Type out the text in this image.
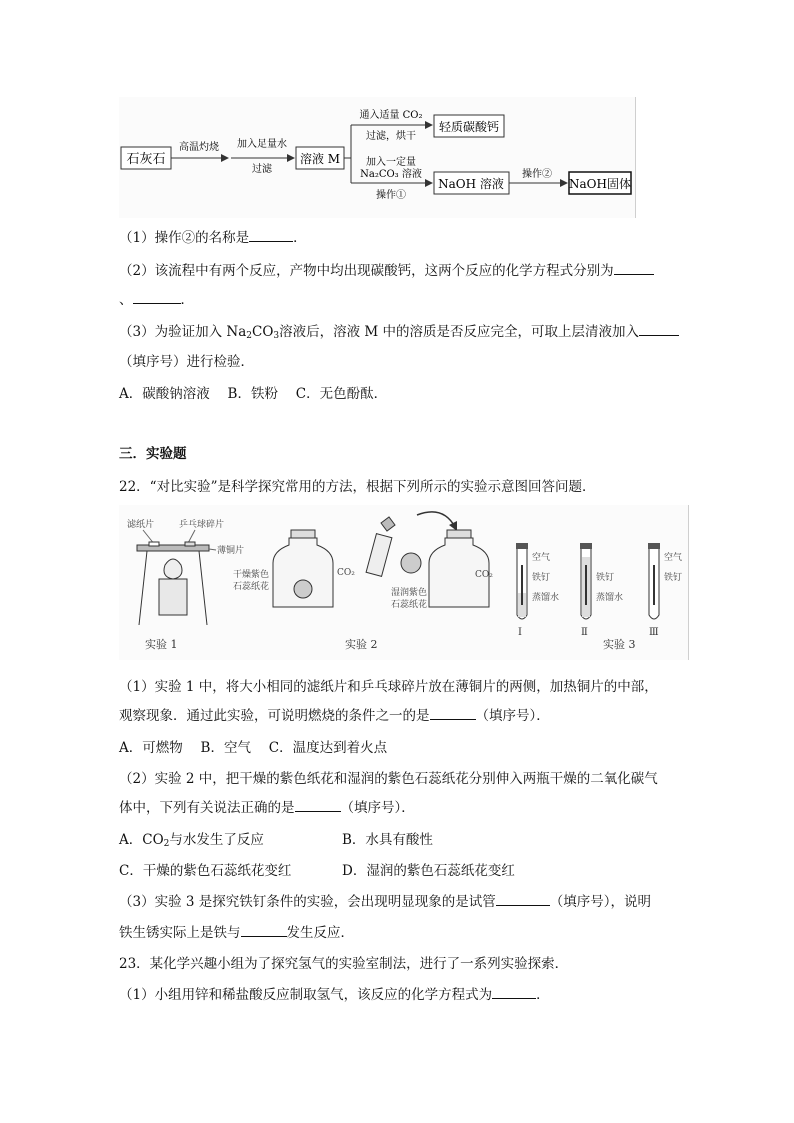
石灰石
高温灼烧 加入足量水
过滤
溶液 M
通入适量 CO₂
过滤，烘干
轻质碳酸钙
加入一定量
Na₂CO₃ 溶液
操作①
NaOH 溶液
操作②
NaOH固体
（1）操作②的名称是	．
（2）该流程中有两个反应，产物中均出现碳酸钙，这两个反应的化学方程式分别为
、	．
（3）为验证加入 $Na_2CO_3$溶液后，溶液 M 中的溶质是否反应完全，可取上层清液加入
（填序号）进行检验．
A．碳酸钠溶液　 B．铁粉　 C．无色酚酞．
三．实验题
22．“对比实验”是科学探究常用的方法，根据下列所示的实验示意图回答问题．
滤纸片	乒乓球碎片
薄铜片
实验 1
干燥紫色
石蕊纸花
CO₂
湿润紫色
石蕊纸花
CO₂
实验 2
空气
铁钉
蒸馏水
Ⅰ
铁钉
蒸馏水
Ⅱ
空气
铁钉
Ⅲ
实验 3
（1）实验 1 中，将大小相同的滤纸片和乒乓球碎片放在薄铜片的两侧，加热铜片的中部，
观察现象．通过此实验，可说明燃烧的条件之一的是	（填序号）．
A．可燃物　 B．空气　 C．温度达到着火点
（2）实验 2 中，把干燥的紫色纸花和湿润的紫色石蕊纸花分别伸入两瓶干燥的二氧化碳气
体中，下列有关说法正确的是	（填序号）．
A．$CO_2$与水发生了反应	B．水具有酸性
C．干燥的紫色石蕊纸花变红	D．湿润的紫色石蕊纸花变红
（3）实验 3 是探究铁钉条件的实验，会出现明显现象的是试管	（填序号），说明
铁生锈实际上是铁与	发生反应．
23．某化学兴趣小组为了探究氢气的实验室制法，进行了一系列实验探索．
（1）小组用锌和稀盐酸反应制取氢气，该反应的化学方程式为	．
